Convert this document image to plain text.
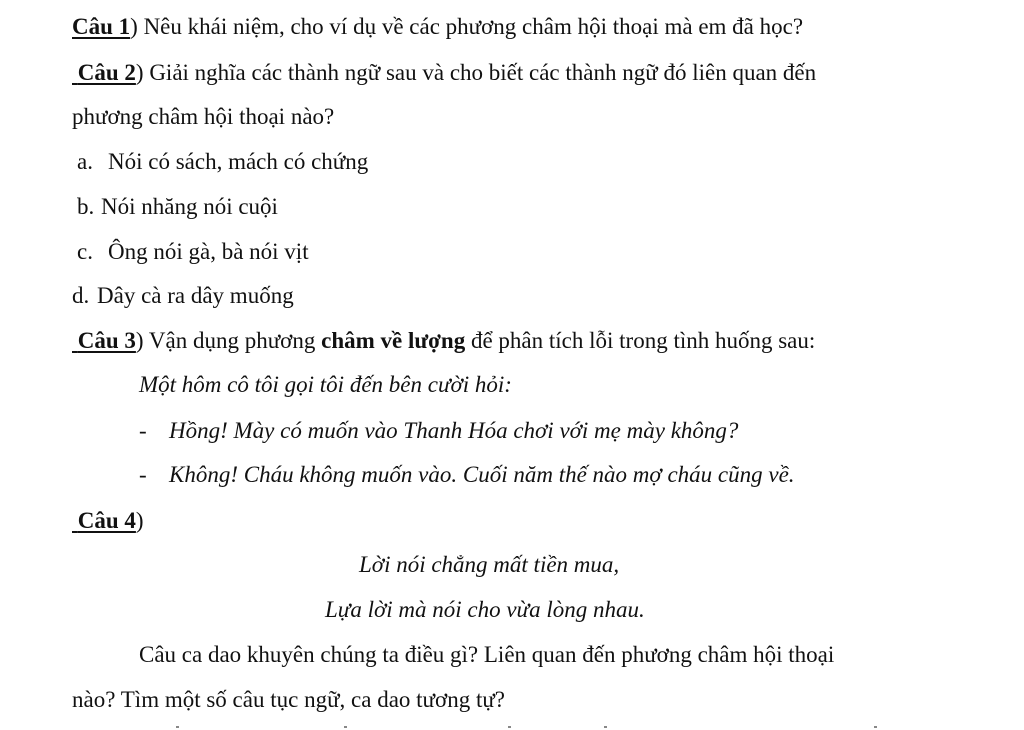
Câu 1) Nêu khái niệm, cho ví dụ về các phương châm hội thoại mà em đã học?
Câu 2) Giải nghĩa các thành ngữ sau và cho biết các thành ngữ đó liên quan đến
phương châm hội thoại nào?
a. Nói có sách, mách có chứng
b. Nói nhăng nói cuội
c. Ông nói gà, bà nói vịt
d. Dây cà ra dây muống
Câu 3) Vận dụng phương châm về lượng để phân tích lỗi trong tình huống sau:
Một hôm cô tôi gọi tôi đến bên cười hỏi:
- Hồng! Mày có muốn vào Thanh Hóa chơi với mẹ mày không?
- Không! Cháu không muốn vào. Cuối năm thế nào mợ cháu cũng về.
Câu 4)
Lời nói chẳng mất tiền mua,
Lựa lời mà nói cho vừa lòng nhau.
Câu ca dao khuyên chúng ta điều gì? Liên quan đến phương châm hội thoại
nào? Tìm một số câu tục ngữ, ca dao tương tự?
